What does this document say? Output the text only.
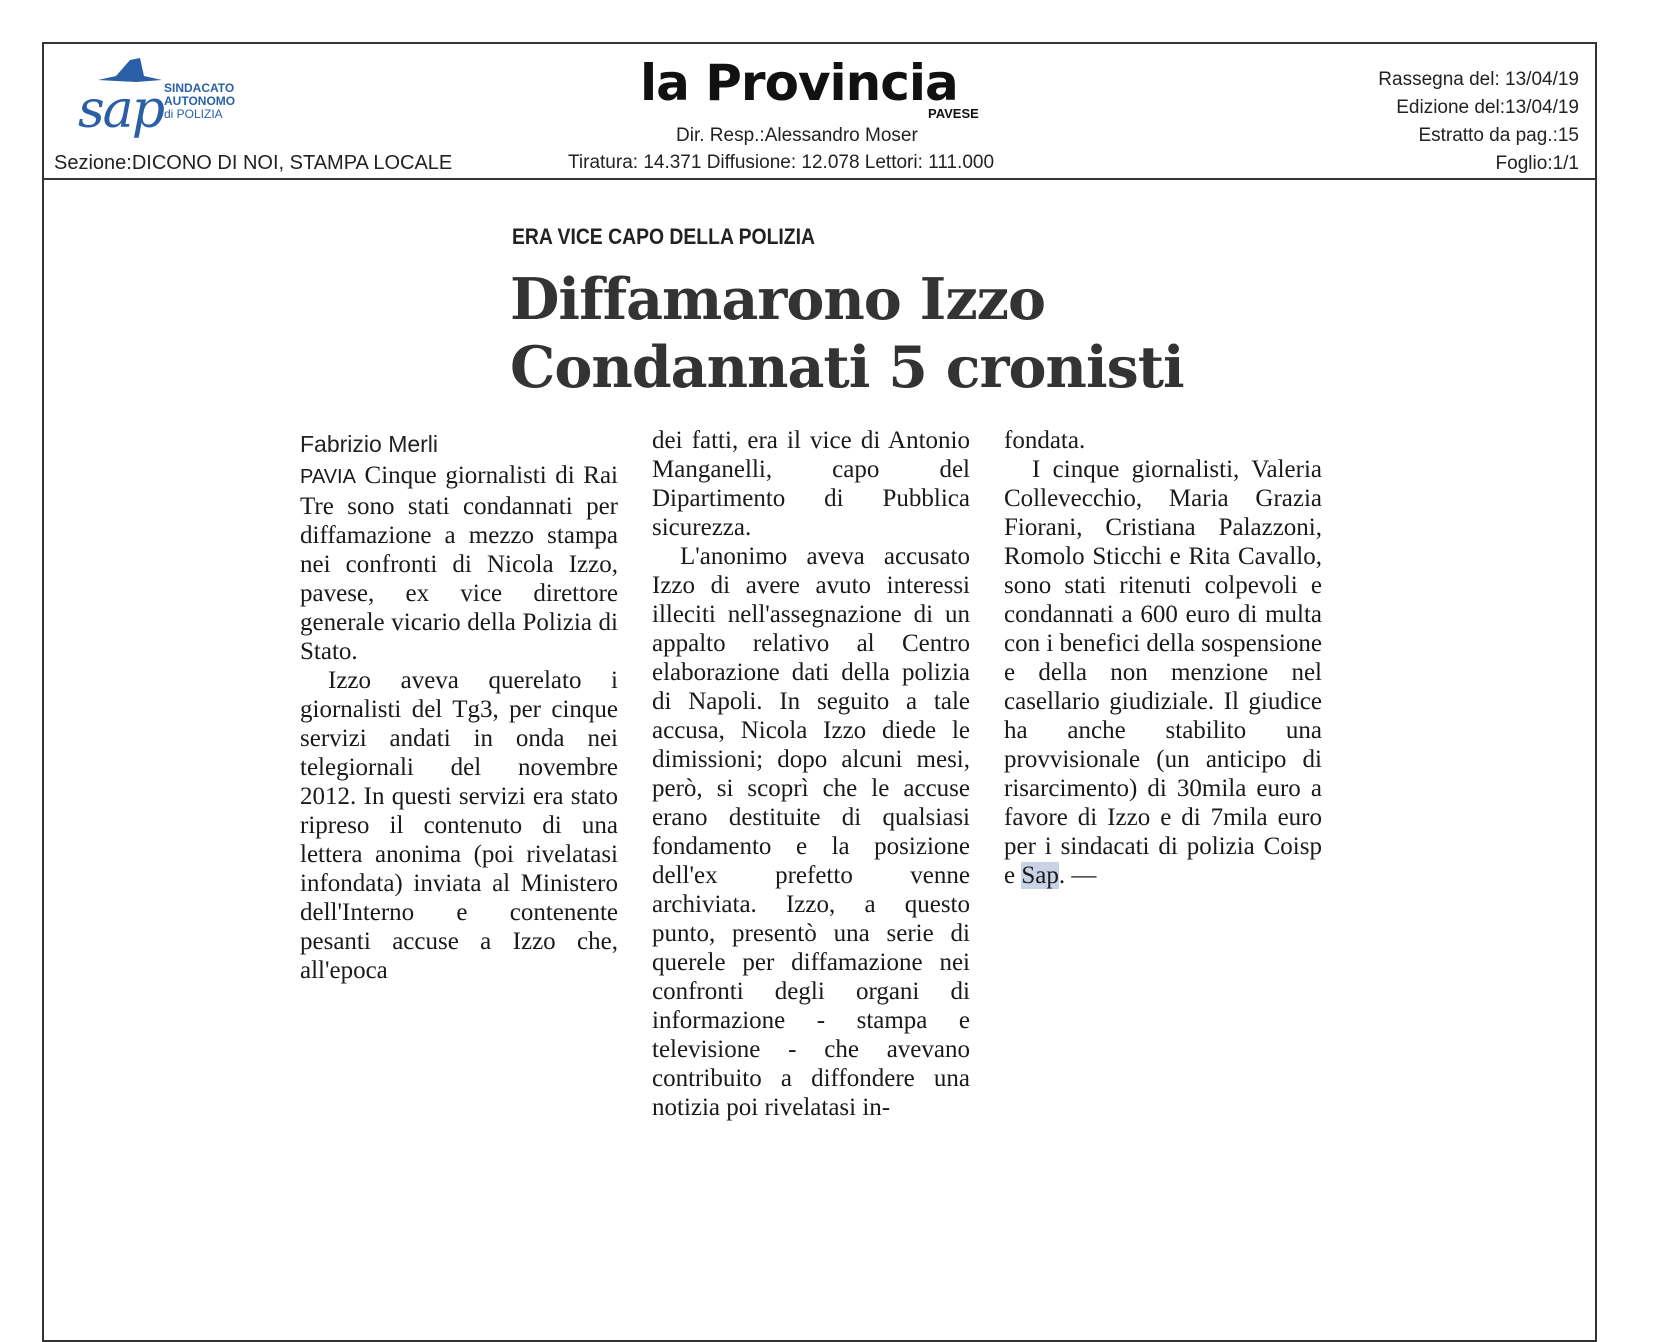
sap SINDACATO
AUTONOMO
di POLIZIA
Sezione:DICONO DI NOI, STAMPA LOCALE
la Provincia
PAVESE
Dir. Resp.:Alessandro Moser
Tiratura: 14.371 Diffusione: 12.078 Lettori: 111.000
Rassegna del: 13/04/19
Edizione del:13/04/19
Estratto da pag.:15
Foglio:1/1
ERA VICE CAPO DELLA POLIZIA
Diffamarono Izzo
Condannati 5 cronisti
Fabrizio Merli

PAVIA Cinque giornalisti di Rai Tre sono stati condannati per diffamazione a mezzo stampa nei confronti di Nicola Izzo, pavese, ex vice direttore generale vicario della Polizia di Stato.

Izzo aveva querelato i giornalisti del Tg3, per cinque servizi andati in onda nei telegiornali del novembre 2012. In questi servizi era stato ripreso il contenuto di una lettera anonima (poi rivelatasi infondata) inviata al Ministero dell'Interno e contenente pesanti accuse a Izzo che, all'epoca

dei fatti, era il vice di Antonio Manganelli, capo del Dipartimento di Pubblica sicurezza.

L'anonimo aveva accusato Izzo di avere avuto interessi illeciti nell'assegnazione di un appalto relativo al Centro elaborazione dati della polizia di Napoli. In seguito a tale accusa, Nicola Izzo diede le dimissioni; dopo alcuni mesi, però, si scoprì che le accuse erano destituite di qualsiasi fondamento e la posizione dell'ex prefetto venne archiviata. Izzo, a questo punto, presentò una serie di querele per diffamazione nei confronti degli organi di informazione - stampa e televisione - che avevano contribuito a diffondere una notizia poi rivelatasi in-

fondata.

I cinque giornalisti, Valeria Collevecchio, Maria Grazia Fiorani, Cristiana Palazzoni, Romolo Sticchi e Rita Cavallo, sono stati ritenuti colpevoli e condannati a 600 euro di multa con i benefici della sospensione e della non menzione nel casellario giudiziale. Il giudice ha anche stabilito una provvisionale (un anticipo di risarcimento) di 30mila euro a favore di Izzo e di 7mila euro per i sindacati di polizia Coisp e Sap. —
